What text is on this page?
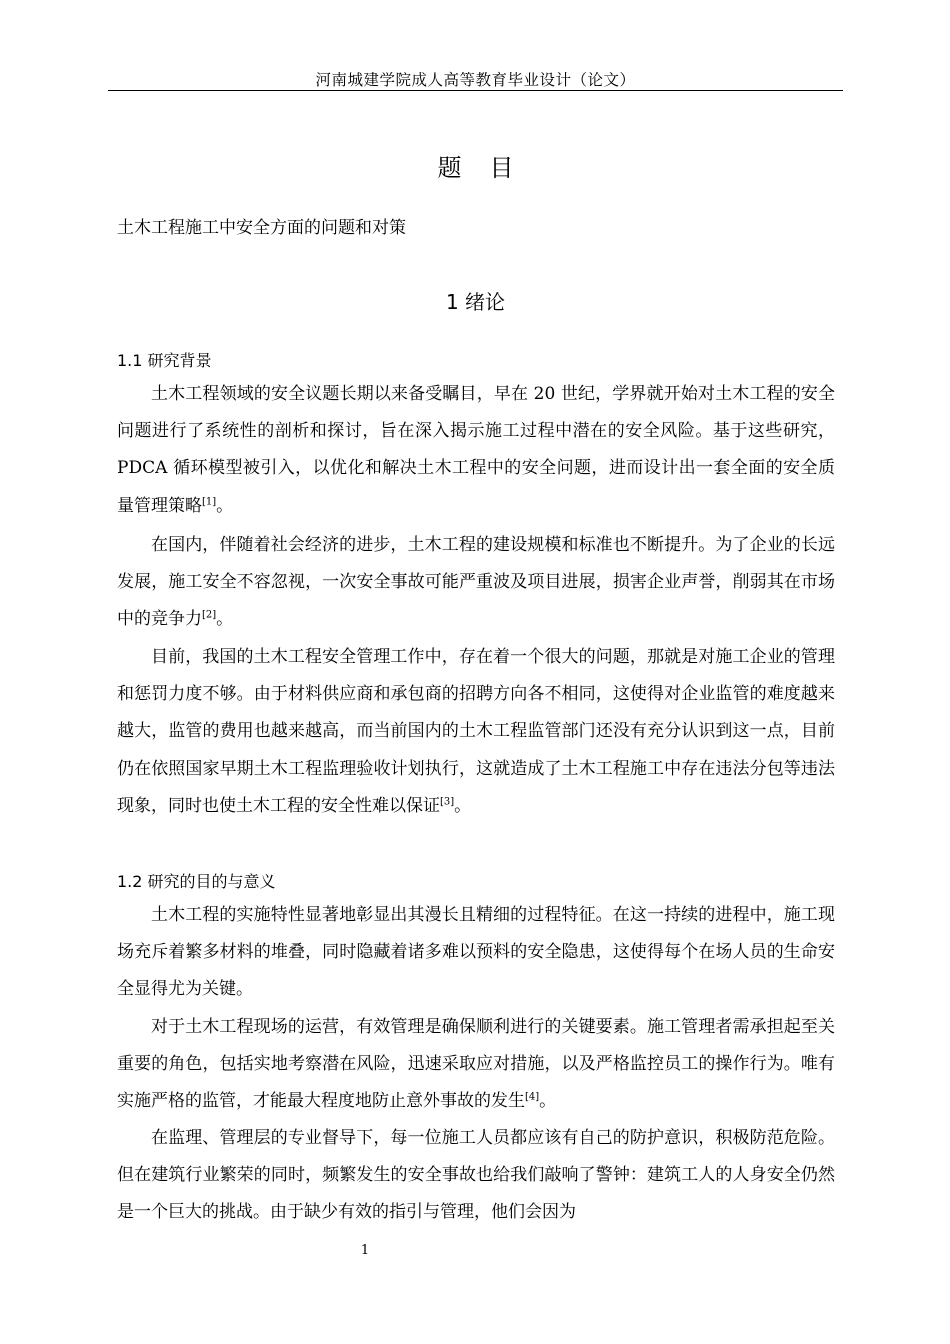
河南城建学院成人高等教育毕业设计（论文）
题 目
土木工程施工中安全方面的问题和对策
1 绪论
1.1 研究背景

土木工程领域的安全议题长期以来备受瞩目，早在 20 世纪，学界就开始对土木工程的安全问题进行了系统性的剖析和探讨，旨在深入揭示施工过程中潜在的安全风险。基于这些研究，PDCA 循环模型被引入，以优化和解决土木工程中的安全问题，进而设计出一套全面的安全质量管理策略[1]。

在国内，伴随着社会经济的进步，土木工程的建设规模和标准也不断提升。为了企业的长远发展，施工安全不容忽视，一次安全事故可能严重波及项目进展，损害企业声誉，削弱其在市场中的竞争力[2]。

目前，我国的土木工程安全管理工作中，存在着一个很大的问题，那就是对施工企业的管理和惩罚力度不够。由于材料供应商和承包商的招聘方向各不相同，这使得对企业监管的难度越来越大，监管的费用也越来越高，而当前国内的土木工程监管部门还没有充分认识到这一点，目前仍在依照国家早期土木工程监理验收计划执行，这就造成了土木工程施工中存在违法分包等违法现象，同时也使土木工程的安全性难以保证[3]。

1.2 研究的目的与意义

土木工程的实施特性显著地彰显出其漫长且精细的过程特征。在这一持续的进程中，施工现场充斥着繁多材料的堆叠，同时隐藏着诸多难以预料的安全隐患，这使得每个在场人员的生命安全显得尤为关键。

对于土木工程现场的运营，有效管理是确保顺利进行的关键要素。施工管理者需承担起至关重要的角色，包括实地考察潜在风险，迅速采取应对措施，以及严格监控员工的操作行为。唯有实施严格的监管，才能最大程度地防止意外事故的发生[4]。

在监理、管理层的专业督导下，每一位施工人员都应该有自己的防护意识，积极防范危险。但在建筑行业繁荣的同时，频繁发生的安全事故也给我们敲响了警钟：建筑工人的人身安全仍然是一个巨大的挑战。由于缺少有效的指引与管理，他们会因为

1
